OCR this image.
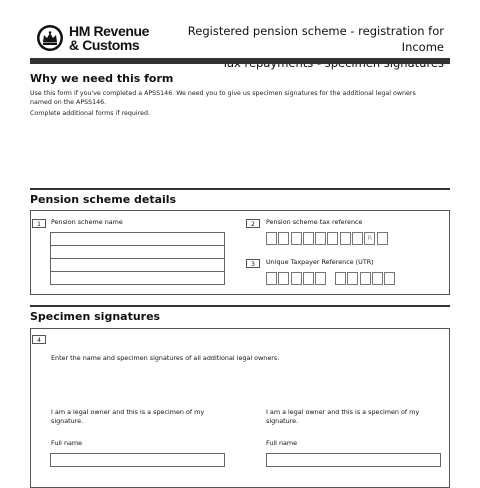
HM Revenue
& Customs
Registered pension scheme - registration for Income
Why we need this form
Use this form if you've completed a APSS146. We need you to give us specimen signatures for the additional legal owners
named on the APSS146.
Complete additional forms if required.
Pension scheme details
1	Pension scheme name	2	Pension scheme tax reference
R
3	Unique Taxpayer Reference (UTR)
Specimen signatures
4
Enter the name and specimen signatures of all additional legal owners.
I am a legal owner and this is a specimen of my
signature.
Full name
I am a legal owner and this is a specimen of my
signature.
Full name
